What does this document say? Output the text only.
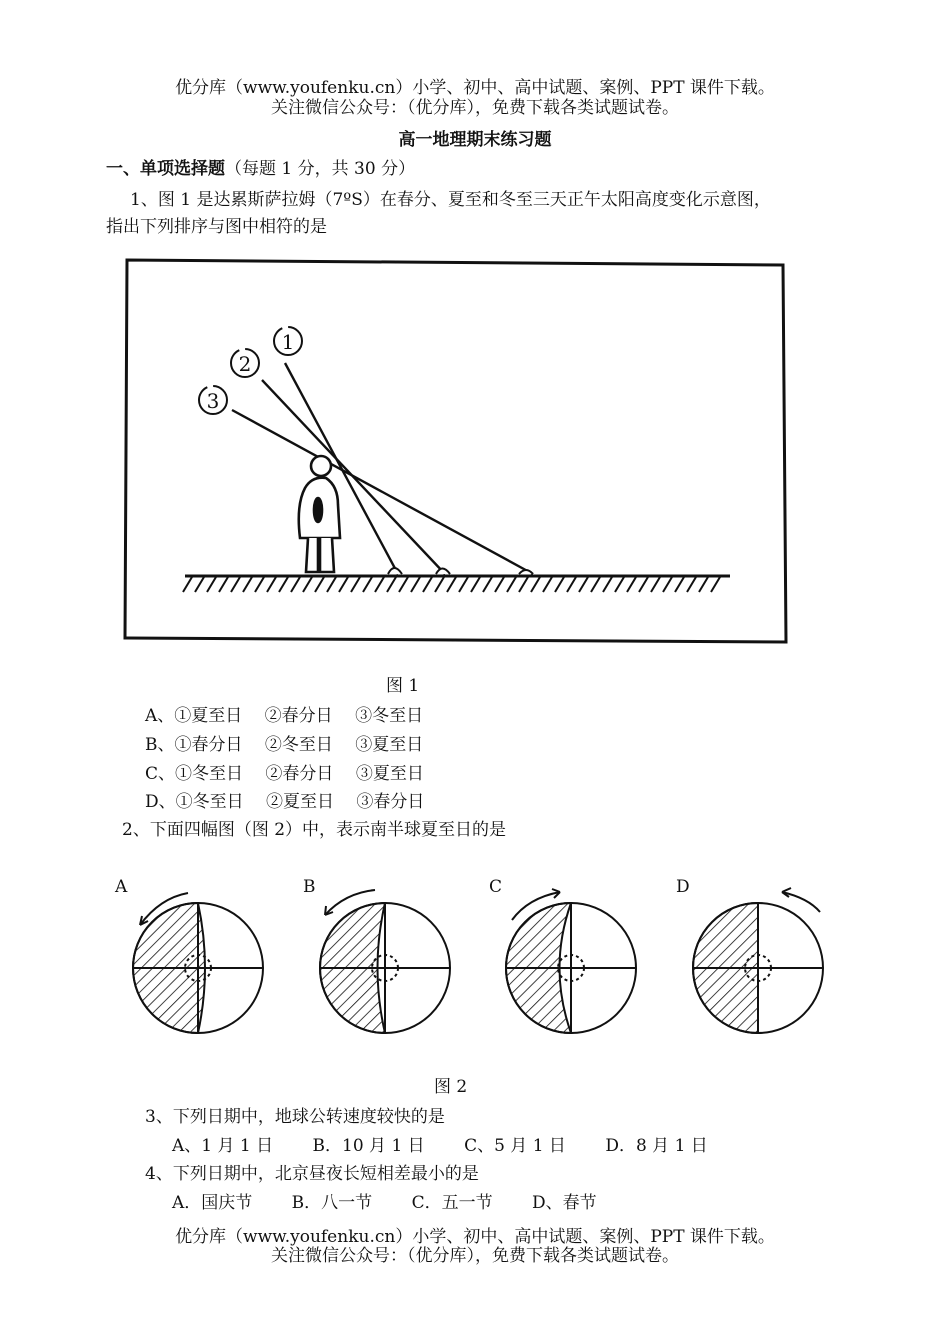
优分库（www.youfenku.cn）小学、初中、高中试题、案例、PPT 课件下载。
关注微信公众号：（优分库），免费下载各类试题试卷。
高一地理期末练习题
一、单项选择题（每题 1 分，共 30 分）
1、图 1 是达累斯萨拉姆（7ºS）在春分、夏至和冬至三天正午太阳高度变化示意图，
指出下列排序与图中相符的是
1
2
3
图 1
A、①夏至日 　②春分日 　③冬至日
B、①春分日 　②冬至日 　③夏至日
C、①冬至日 　②春分日 　③夏至日
D、①冬至日 　②夏至日 　③春分日
2、下面四幅图（图 2）中，表示南半球夏至日的是
A	B	C	D
图 2
3、下列日期中，地球公转速度较快的是
A、1 月 1 日 　　B．10 月 1 日 　　C、5 月 1 日 　　D．8 月 1 日
4、下列日期中，北京昼夜长短相差最小的是
A．国庆节 　　B．八一节 　　C．五一节 　　D、春节
优分库（www.youfenku.cn）小学、初中、高中试题、案例、PPT 课件下载。
关注微信公众号：（优分库），免费下载各类试题试卷。
